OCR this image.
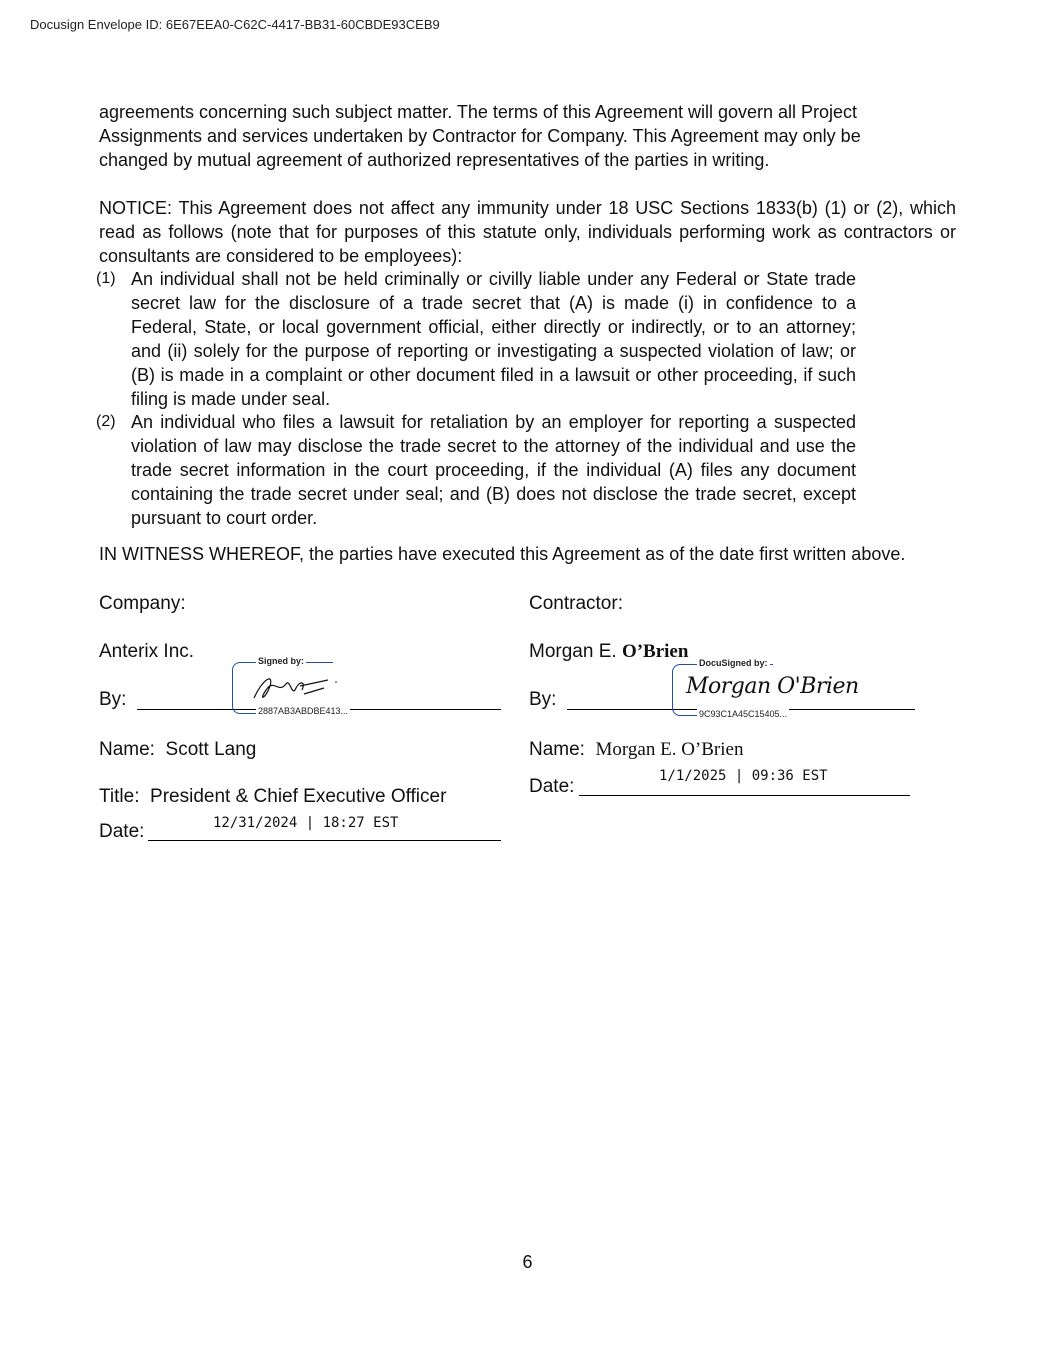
Docusign Envelope ID: 6E67EEA0-C62C-4417-BB31-60CBDE93CEB9

agreements concerning such subject matter. The terms of this Agreement will govern all Project Assignments and services undertaken by Contractor for Company. This Agreement may only be changed by mutual agreement of authorized representatives of the parties in writing.

NOTICE: This Agreement does not affect any immunity under 18 USC Sections 1833(b) (1) or (2), which read as follows (note that for purposes of this statute only, individuals performing work as contractors or consultants are considered to be employees):

(1) An individual shall not be held criminally or civilly liable under any Federal or State trade secret law for the disclosure of a trade secret that (A) is made (i) in confidence to a Federal, State, or local government official, either directly or indirectly, or to an attorney; and (ii) solely for the purpose of reporting or investigating a suspected violation of law; or (B) is made in a complaint or other document filed in a lawsuit or other proceeding, if such filing is made under seal.
(2) An individual who files a lawsuit for retaliation by an employer for reporting a suspected violation of law may disclose the trade secret to the attorney of the individual and use the trade secret information in the court proceeding, if the individual (A) files any document containing the trade secret under seal; and (B) does not disclose the trade secret, except pursuant to court order.
IN WITNESS WHEREOF, the parties have executed this Agreement as of the date first written above.
Company:
Anterix Inc.
By:
Signed by:
2887AB3ABDBE413...
Name: Scott Lang
Title: President & Chief Executive Officer
Date:	12/31/2024 | 18:27 EST
Contractor:
Morgan E. O’Brien
By:
DocuSigned by:
Morgan O'Brien
9C93C1A45C15405...
Name: Morgan E. O’Brien
Date:	1/1/2025 | 09:36 EST
6
